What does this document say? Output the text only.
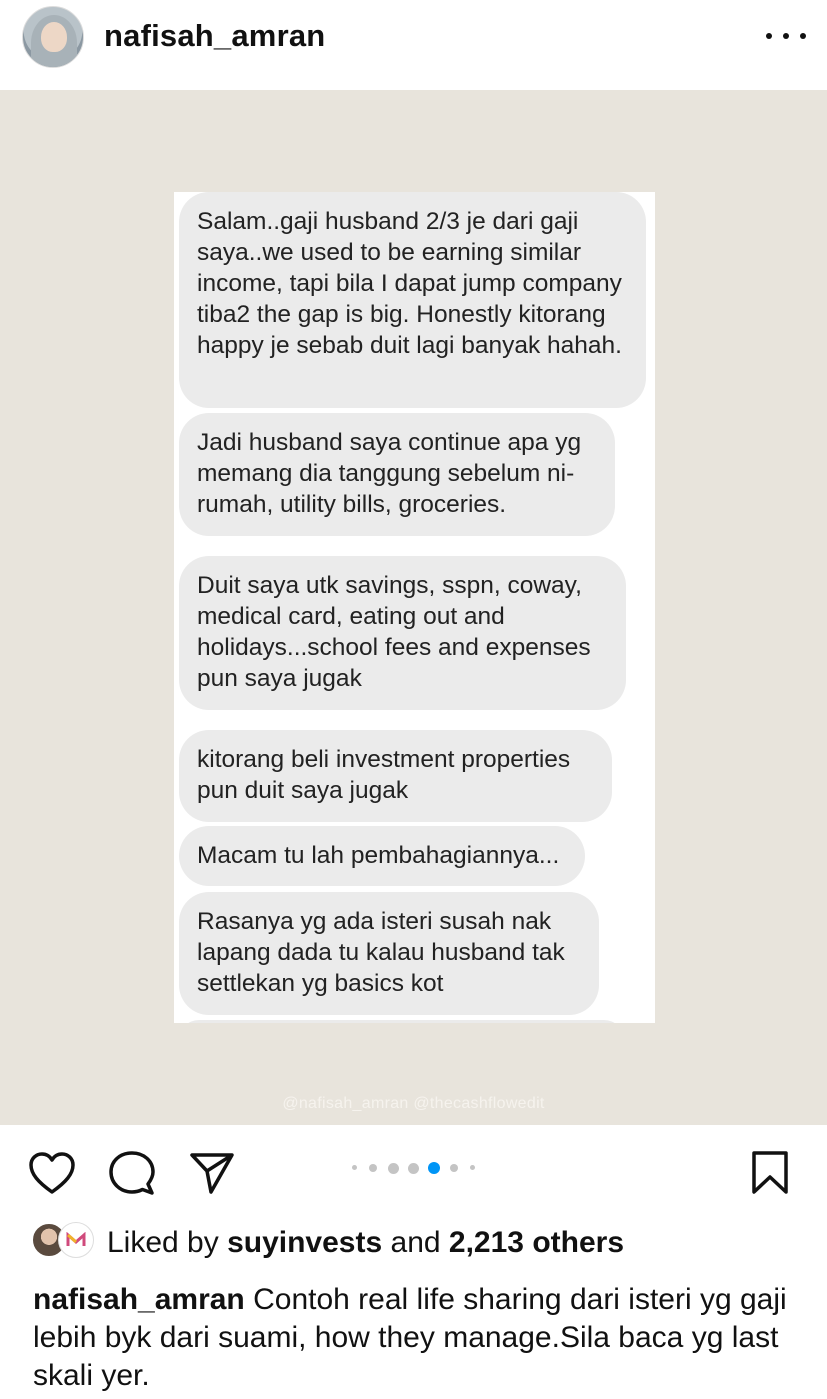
nafisah_amran
Salam..gaji husband 2/3 je dari gaji saya..we used to be earning similar income, tapi bila I dapat jump company tiba2 the gap is big. Honestly kitorang happy je sebab duit lagi banyak hahah.
Jadi husband saya continue apa yg memang dia tanggung sebelum ni- rumah, utility bills, groceries.
Duit saya utk savings, sspn, coway, medical card, eating out and holidays...school fees and expenses pun saya jugak
kitorang beli investment properties pun duit saya jugak
Macam tu lah pembahagiannya...
Rasanya yg ada isteri susah nak lapang dada tu kalau husband tak settlekan yg basics kot
@nafisah_amran @thecashflowedit
Liked by suyinvests and 2,213 others
nafisah_amran Contoh real life sharing dari isteri yg gaji lebih byk dari suami, how they manage.Sila baca yg last skali yer.
